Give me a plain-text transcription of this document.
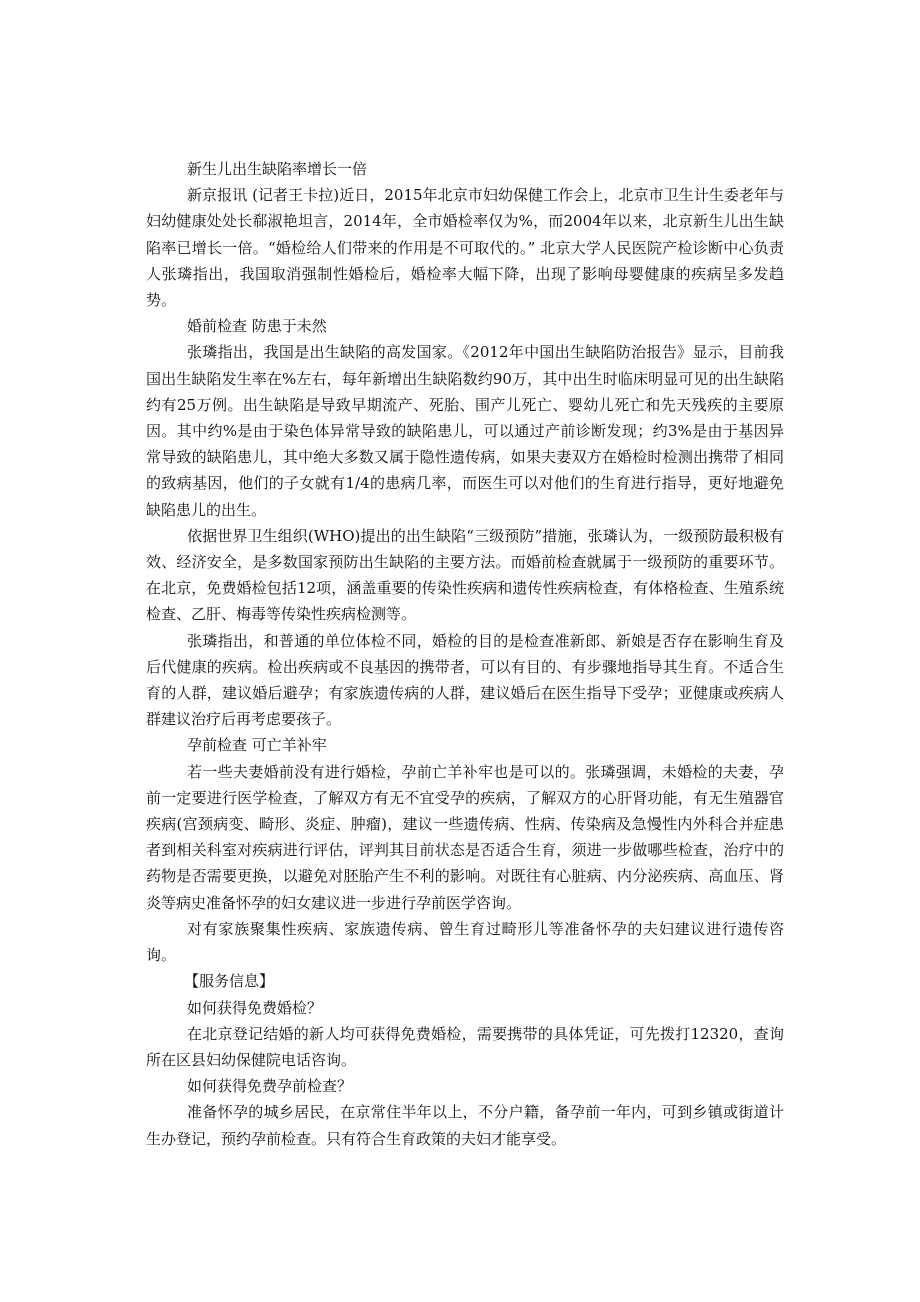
新生儿出生缺陷率增长一倍

新京报讯 (记者王卡拉)近日，2015年北京市妇幼保健工作会上，北京市卫生计生委老年与妇幼健康处处长郗淑艳坦言，2014年，全市婚检率仅为%，而2004年以来，北京新生儿出生缺陷率已增长一倍。“婚检给人们带来的作用是不可取代的。” 北京大学人民医院产检诊断中心负责人张璘指出，我国取消强制性婚检后，婚检率大幅下降，出现了影响母婴健康的疾病呈多发趋势。

婚前检查 防患于未然

张璘指出，我国是出生缺陷的高发国家。《2012年中国出生缺陷防治报告》显示，目前我国出生缺陷发生率在%左右，每年新增出生缺陷数约90万，其中出生时临床明显可见的出生缺陷约有25万例。出生缺陷是导致早期流产、死胎、围产儿死亡、婴幼儿死亡和先天残疾的主要原因。其中约%是由于染色体异常导致的缺陷患儿，可以通过产前诊断发现；约3%是由于基因异常导致的缺陷患儿，其中绝大多数又属于隐性遗传病，如果夫妻双方在婚检时检测出携带了相同的致病基因，他们的子女就有1/4的患病几率，而医生可以对他们的生育进行指导，更好地避免缺陷患儿的出生。

依据世界卫生组织(WHO)提出的出生缺陷“三级预防”措施，张璘认为，一级预防最积极有效、经济安全，是多数国家预防出生缺陷的主要方法。而婚前检查就属于一级预防的重要环节。在北京，免费婚检包括12项，涵盖重要的传染性疾病和遗传性疾病检查，有体格检查、生殖系统检查、乙肝、梅毒等传染性疾病检测等。

张璘指出，和普通的单位体检不同，婚检的目的是检查准新郎、新娘是否存在影响生育及后代健康的疾病。检出疾病或不良基因的携带者，可以有目的、有步骤地指导其生育。不适合生育的人群，建议婚后避孕；有家族遗传病的人群，建议婚后在医生指导下受孕；亚健康或疾病人群建议治疗后再考虑要孩子。

孕前检查 可亡羊补牢

若一些夫妻婚前没有进行婚检，孕前亡羊补牢也是可以的。张璘强调，未婚检的夫妻，孕前一定要进行医学检查，了解双方有无不宜受孕的疾病，了解双方的心肝肾功能，有无生殖器官疾病(宫颈病变、畸形、炎症、肿瘤)，建议一些遗传病、性病、传染病及急慢性内外科合并症患者到相关科室对疾病进行评估，评判其目前状态是否适合生育，须进一步做哪些检查，治疗中的药物是否需要更换，以避免对胚胎产生不利的影响。对既往有心脏病、内分泌疾病、高血压、肾炎等病史准备怀孕的妇女建议进一步进行孕前医学咨询。

对有家族聚集性疾病、家族遗传病、曾生育过畸形儿等准备怀孕的夫妇建议进行遗传咨询。

【服务信息】

如何获得免费婚检？

在北京登记结婚的新人均可获得免费婚检，需要携带的具体凭证，可先拨打12320，查询所在区县妇幼保健院电话咨询。

如何获得免费孕前检查？

准备怀孕的城乡居民，在京常住半年以上，不分户籍，备孕前一年内，可到乡镇或街道计生办登记，预约孕前检查。只有符合生育政策的夫妇才能享受。
